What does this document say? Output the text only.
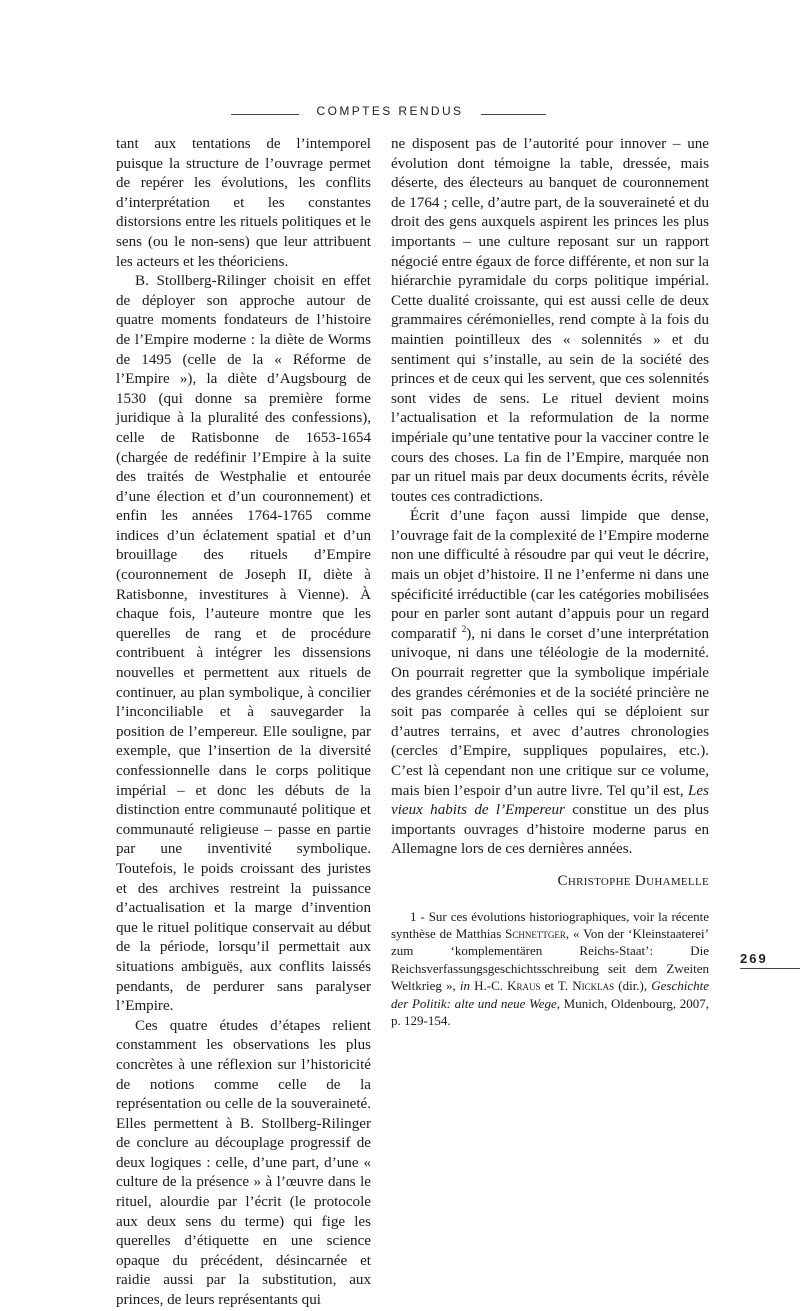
COMPTES RENDUS

tant aux tentations de l’intemporel puisque la structure de l’ouvrage permet de repérer les évolutions, les conflits d’interprétation et les constantes distorsions entre les rituels politiques et le sens (ou le non-sens) que leur attribuent les acteurs et les théoriciens.

B. Stollberg-Rilinger choisit en effet de déployer son approche autour de quatre moments fondateurs de l’histoire de l’Empire moderne : la diète de Worms de 1495 (celle de la « Réforme de l’Empire »), la diète d’Augsbourg de 1530 (qui donne sa première forme juridique à la pluralité des confessions), celle de Ratisbonne de 1653-1654 (chargée de redéfinir l’Empire à la suite des traités de Westphalie et entourée d’une élection et d’un couronnement) et enfin les années 1764-1765 comme indices d’un éclatement spatial et d’un brouillage des rituels d’Empire (couronnement de Joseph II, diète à Ratisbonne, investitures à Vienne). À chaque fois, l’auteure montre que les querelles de rang et de procédure contribuent à intégrer les dissensions nouvelles et permettent aux rituels de continuer, au plan symbolique, à concilier l’inconciliable et à sauvegarder la position de l’empereur. Elle souligne, par exemple, que l’insertion de la diversité confessionnelle dans le corps politique impérial – et donc les débuts de la distinction entre communauté politique et communauté religieuse – passe en partie par une inventivité symbolique. Toutefois, le poids croissant des juristes et des archives restreint la puissance d’actualisation et la marge d’invention que le rituel politique conservait au début de la période, lorsqu’il permettait aux situations ambiguës, aux conflits laissés pendants, de perdurer sans paralyser l’Empire.

Ces quatre études d’étapes relient constamment les observations les plus concrètes à une réflexion sur l’historicité de notions comme celle de la représentation ou celle de la souveraineté. Elles permettent à B. Stollberg-Rilinger de conclure au découplage progressif de deux logiques : celle, d’une part, d’une « culture de la présence » à l’œuvre dans le rituel, alourdie par l’écrit (le protocole aux deux sens du terme) qui fige les querelles d’étiquette en une science opaque du précédent, désincarnée et raidie aussi par la substitution, aux princes, de leurs représentants qui

ne disposent pas de l’autorité pour innover – une évolution dont témoigne la table, dressée, mais déserte, des électeurs au banquet de couronnement de 1764 ; celle, d’autre part, de la souveraineté et du droit des gens auxquels aspirent les princes les plus importants – une culture reposant sur un rapport négocié entre égaux de force différente, et non sur la hiérarchie pyramidale du corps politique impérial. Cette dualité croissante, qui est aussi celle de deux grammaires cérémonielles, rend compte à la fois du maintien pointilleux des « solennités » et du sentiment qui s’installe, au sein de la société des princes et de ceux qui les servent, que ces solennités sont vides de sens. Le rituel devient moins l’actualisation et la reformulation de la norme impériale qu’une tentative pour la vacciner contre le cours des choses. La fin de l’Empire, marquée non par un rituel mais par deux documents écrits, révèle toutes ces contradictions.

Écrit d’une façon aussi limpide que dense, l’ouvrage fait de la complexité de l’Empire moderne non une difficulté à résoudre par qui veut le décrire, mais un objet d’histoire. Il ne l’enferme ni dans une spécificité irréductible (car les catégories mobilisées pour en parler sont autant d’appuis pour un regard comparatif $^2$), ni dans le corset d’une interprétation univoque, ni dans une téléologie de la modernité. On pourrait regretter que la symbolique impériale des grandes cérémonies et de la société princière ne soit pas comparée à celles qui se déploient sur d’autres terrains, et avec d’autres chronologies (cercles d’Empire, suppliques populaires, etc.). C’est là cependant non une critique sur ce volume, mais bien l’espoir d’un autre livre. Tel qu’il est, Les vieux habits de l’Empereur constitue un des plus importants ouvrages d’histoire moderne parus en Allemagne lors de ces dernières années.

Christophe Duhamelle

1 - Sur ces évolutions historiographiques, voir la récente synthèse de Matthias Schnettger, « Von der ‘Kleinstaaterei’ zum ‘komplementären Reichs-Staat’: Die Reichsverfassungsgeschichtsschreibung seit dem Zweiten Weltkrieg », in H.-C. Kraus et T. Nicklas (dir.), Geschichte der Politik: alte und neue Wege, Munich, Oldenbourg, 2007, p. 129-154.

269
